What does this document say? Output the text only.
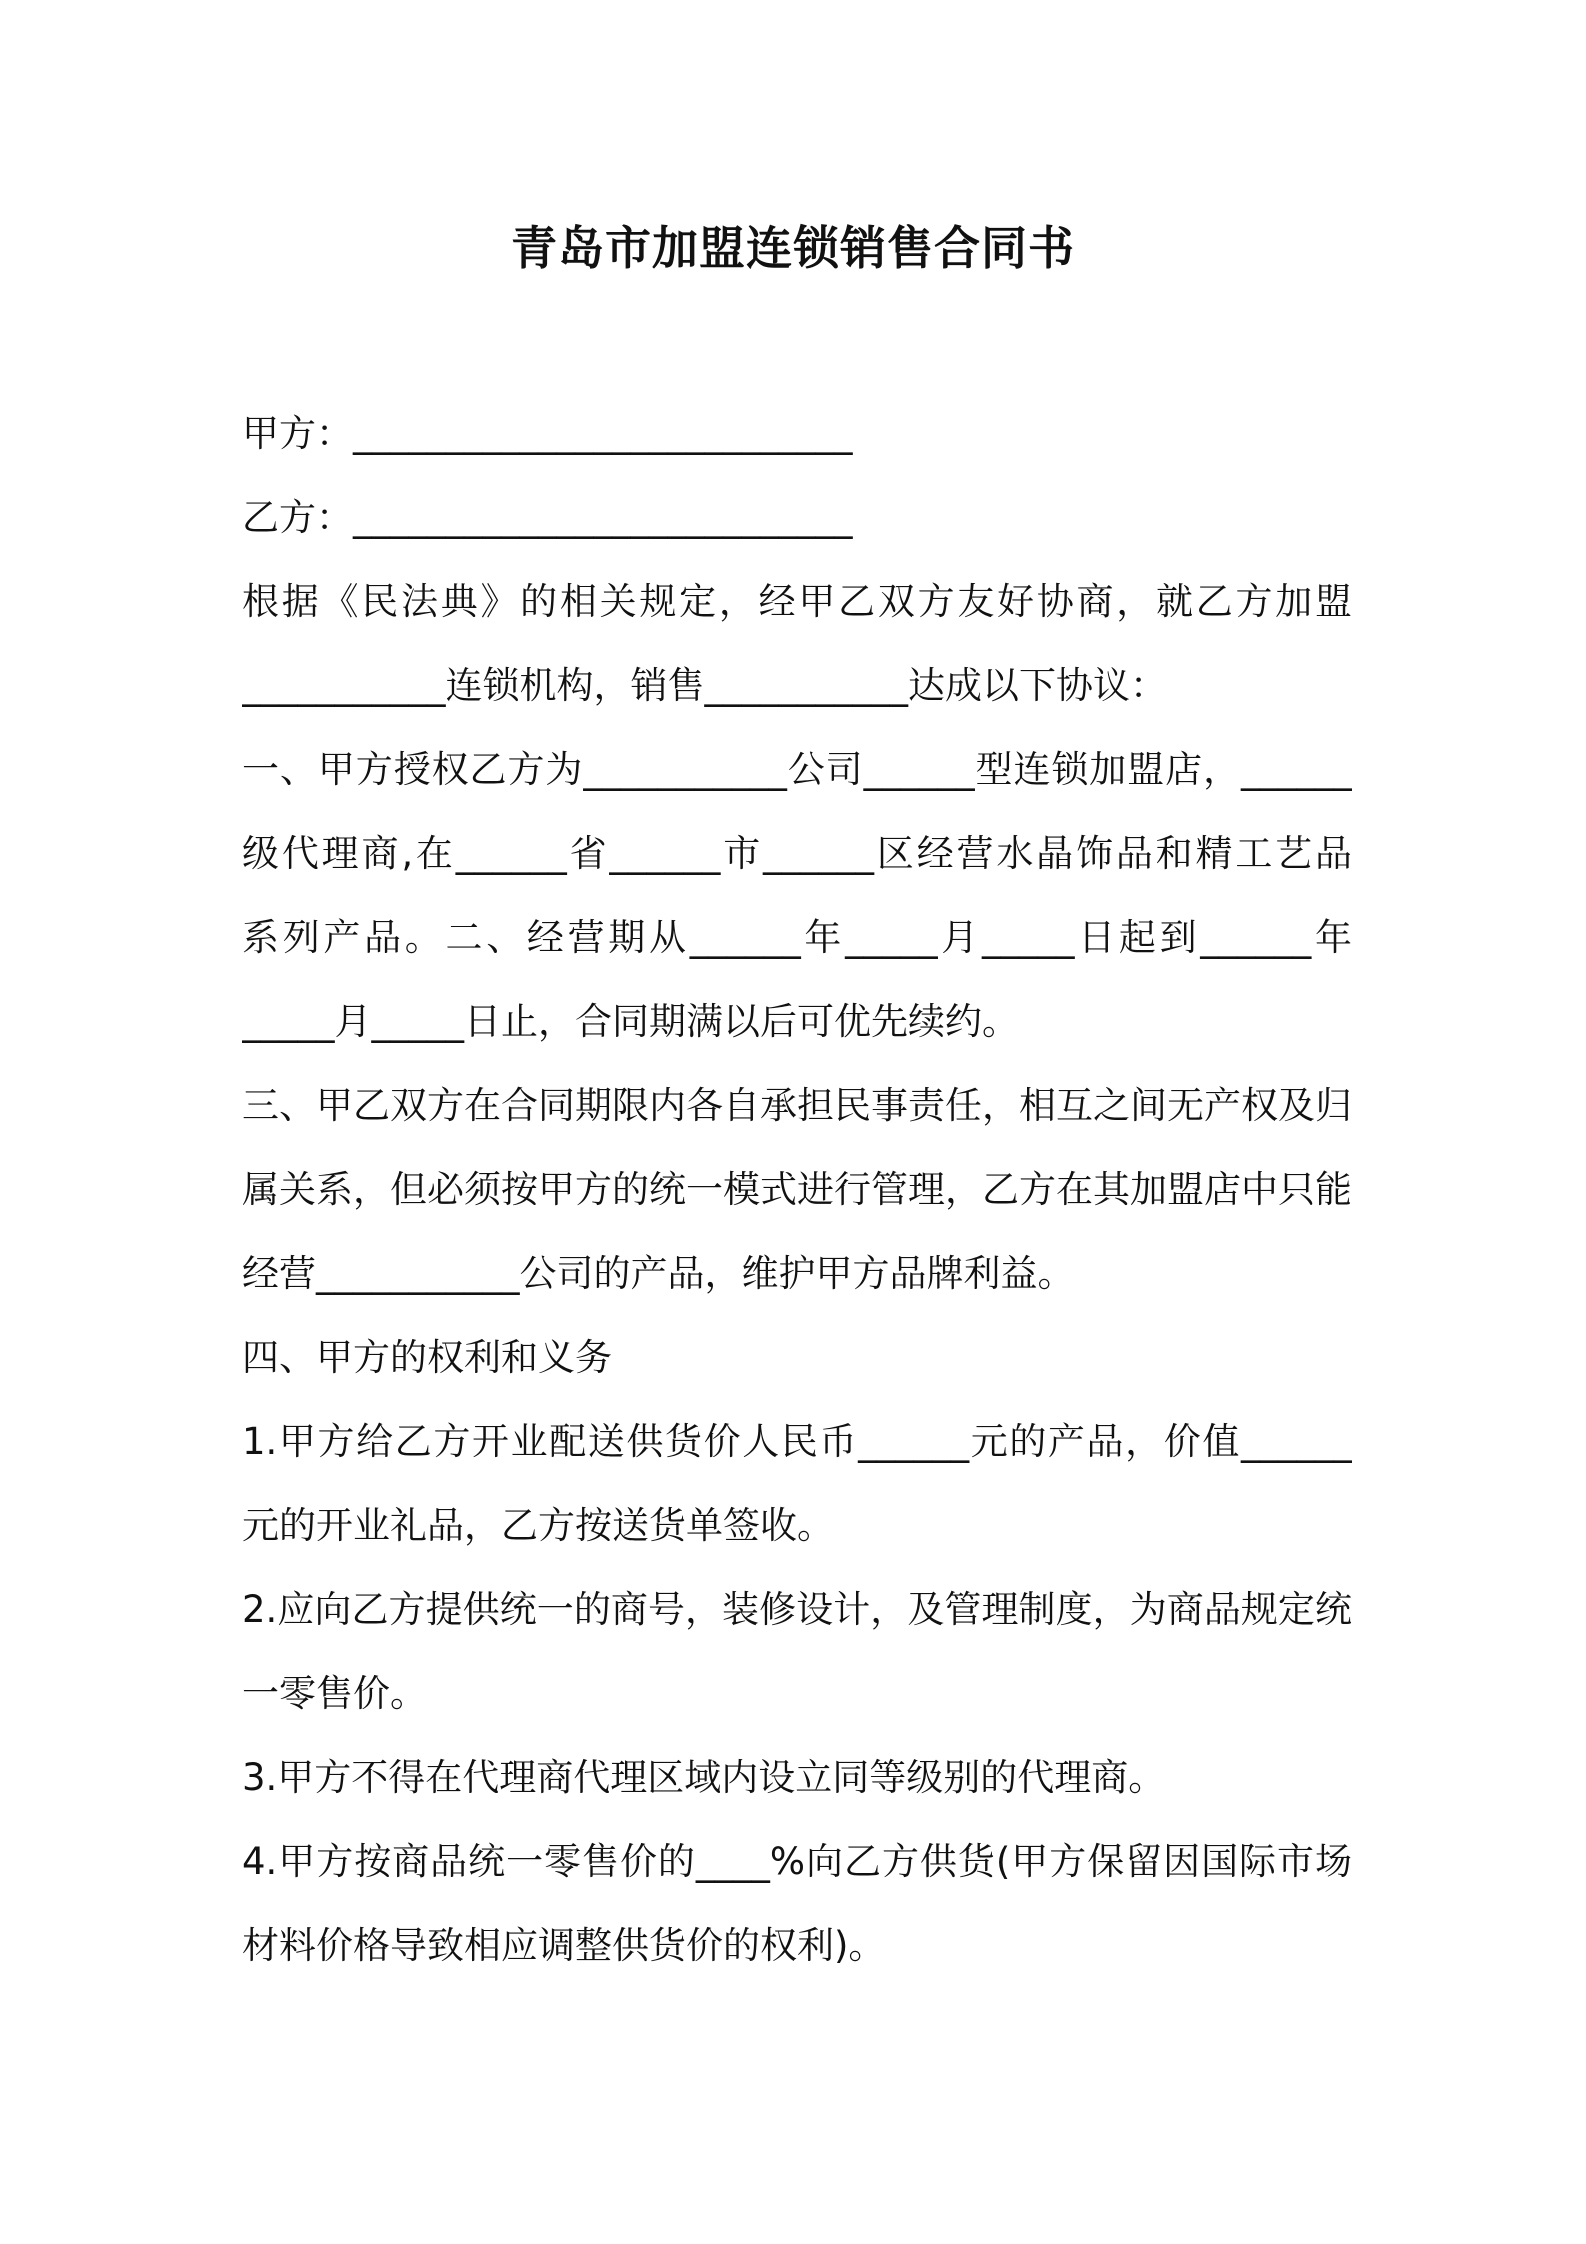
青岛市加盟连锁销售合同书
甲方：___________________________
乙方：___________________________
根据《民法典》的相关规定，经甲乙双方友好协商，就乙方加盟
___________连锁机构，销售___________达成以下协议：
一、甲方授权乙方为___________公司______型连锁加盟店，______
级代理商,在______省______市______区经营水晶饰品和精工艺品
系列产品。二、经营期从______年_____月_____日起到______年
_____月_____日止，合同期满以后可优先续约。
三、甲乙双方在合同期限内各自承担民事责任，相互之间无产权及归
属关系，但必须按甲方的统一模式进行管理，乙方在其加盟店中只能
经营___________公司的产品，维护甲方品牌利益。
四、甲方的权利和义务
1.甲方给乙方开业配送供货价人民币______元的产品，价值______
元的开业礼品，乙方按送货单签收。
2.应向乙方提供统一的商号，装修设计，及管理制度，为商品规定统
一零售价。
3.甲方不得在代理商代理区域内设立同等级别的代理商。
4.甲方按商品统一零售价的____%向乙方供货(甲方保留因国际市场
材料价格导致相应调整供货价的权利)。
